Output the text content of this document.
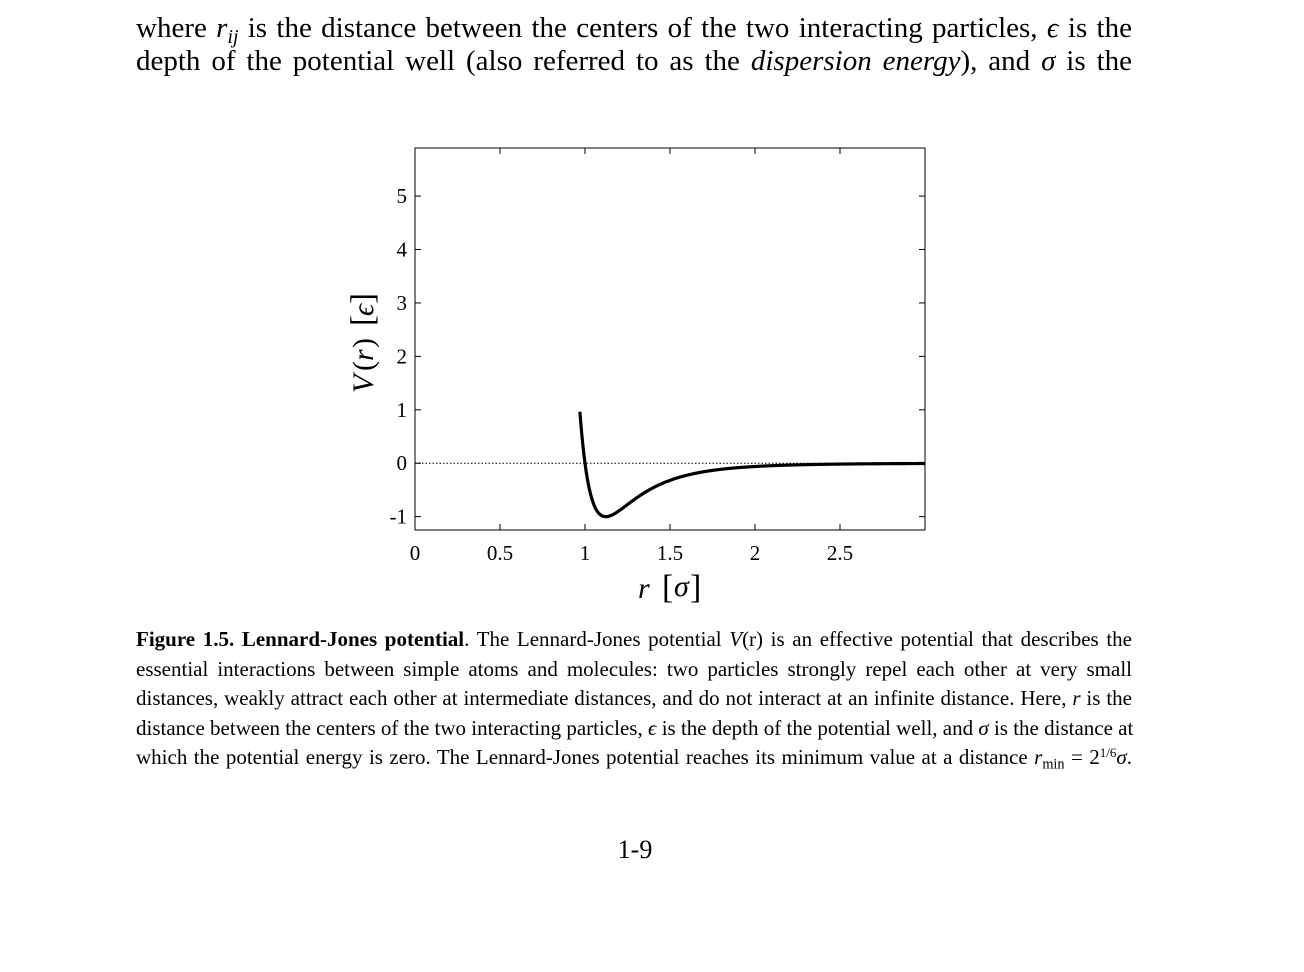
where $r_{ij}$ is the distance between the centers of the two interacting particles, ϵ is the
depth of the potential well (also referred to as the dispersion energy), and σ is the
0	0.5	1	1.5	2	2.5
-1
0
1
2
3
4
5
r [ σ ]
V
(
r
)
[
ϵ
]
Figure 1.5. Lennard-Jones potential. The Lennard-Jones potential V(r) is an effective potential that describes the
essential interactions between simple atoms and molecules: two particles strongly repel each other at very small
distances, weakly attract each other at intermediate distances, and do not interact at an infinite distance. Here, r is the
distance between the centers of the two interacting particles, ϵ is the depth of the potential well, and σ is the distance at
which the potential energy is zero. The Lennard-Jones potential reaches its minimum value at a distance $r_{min} = 2^{1/6}\sigma$.
1-9
